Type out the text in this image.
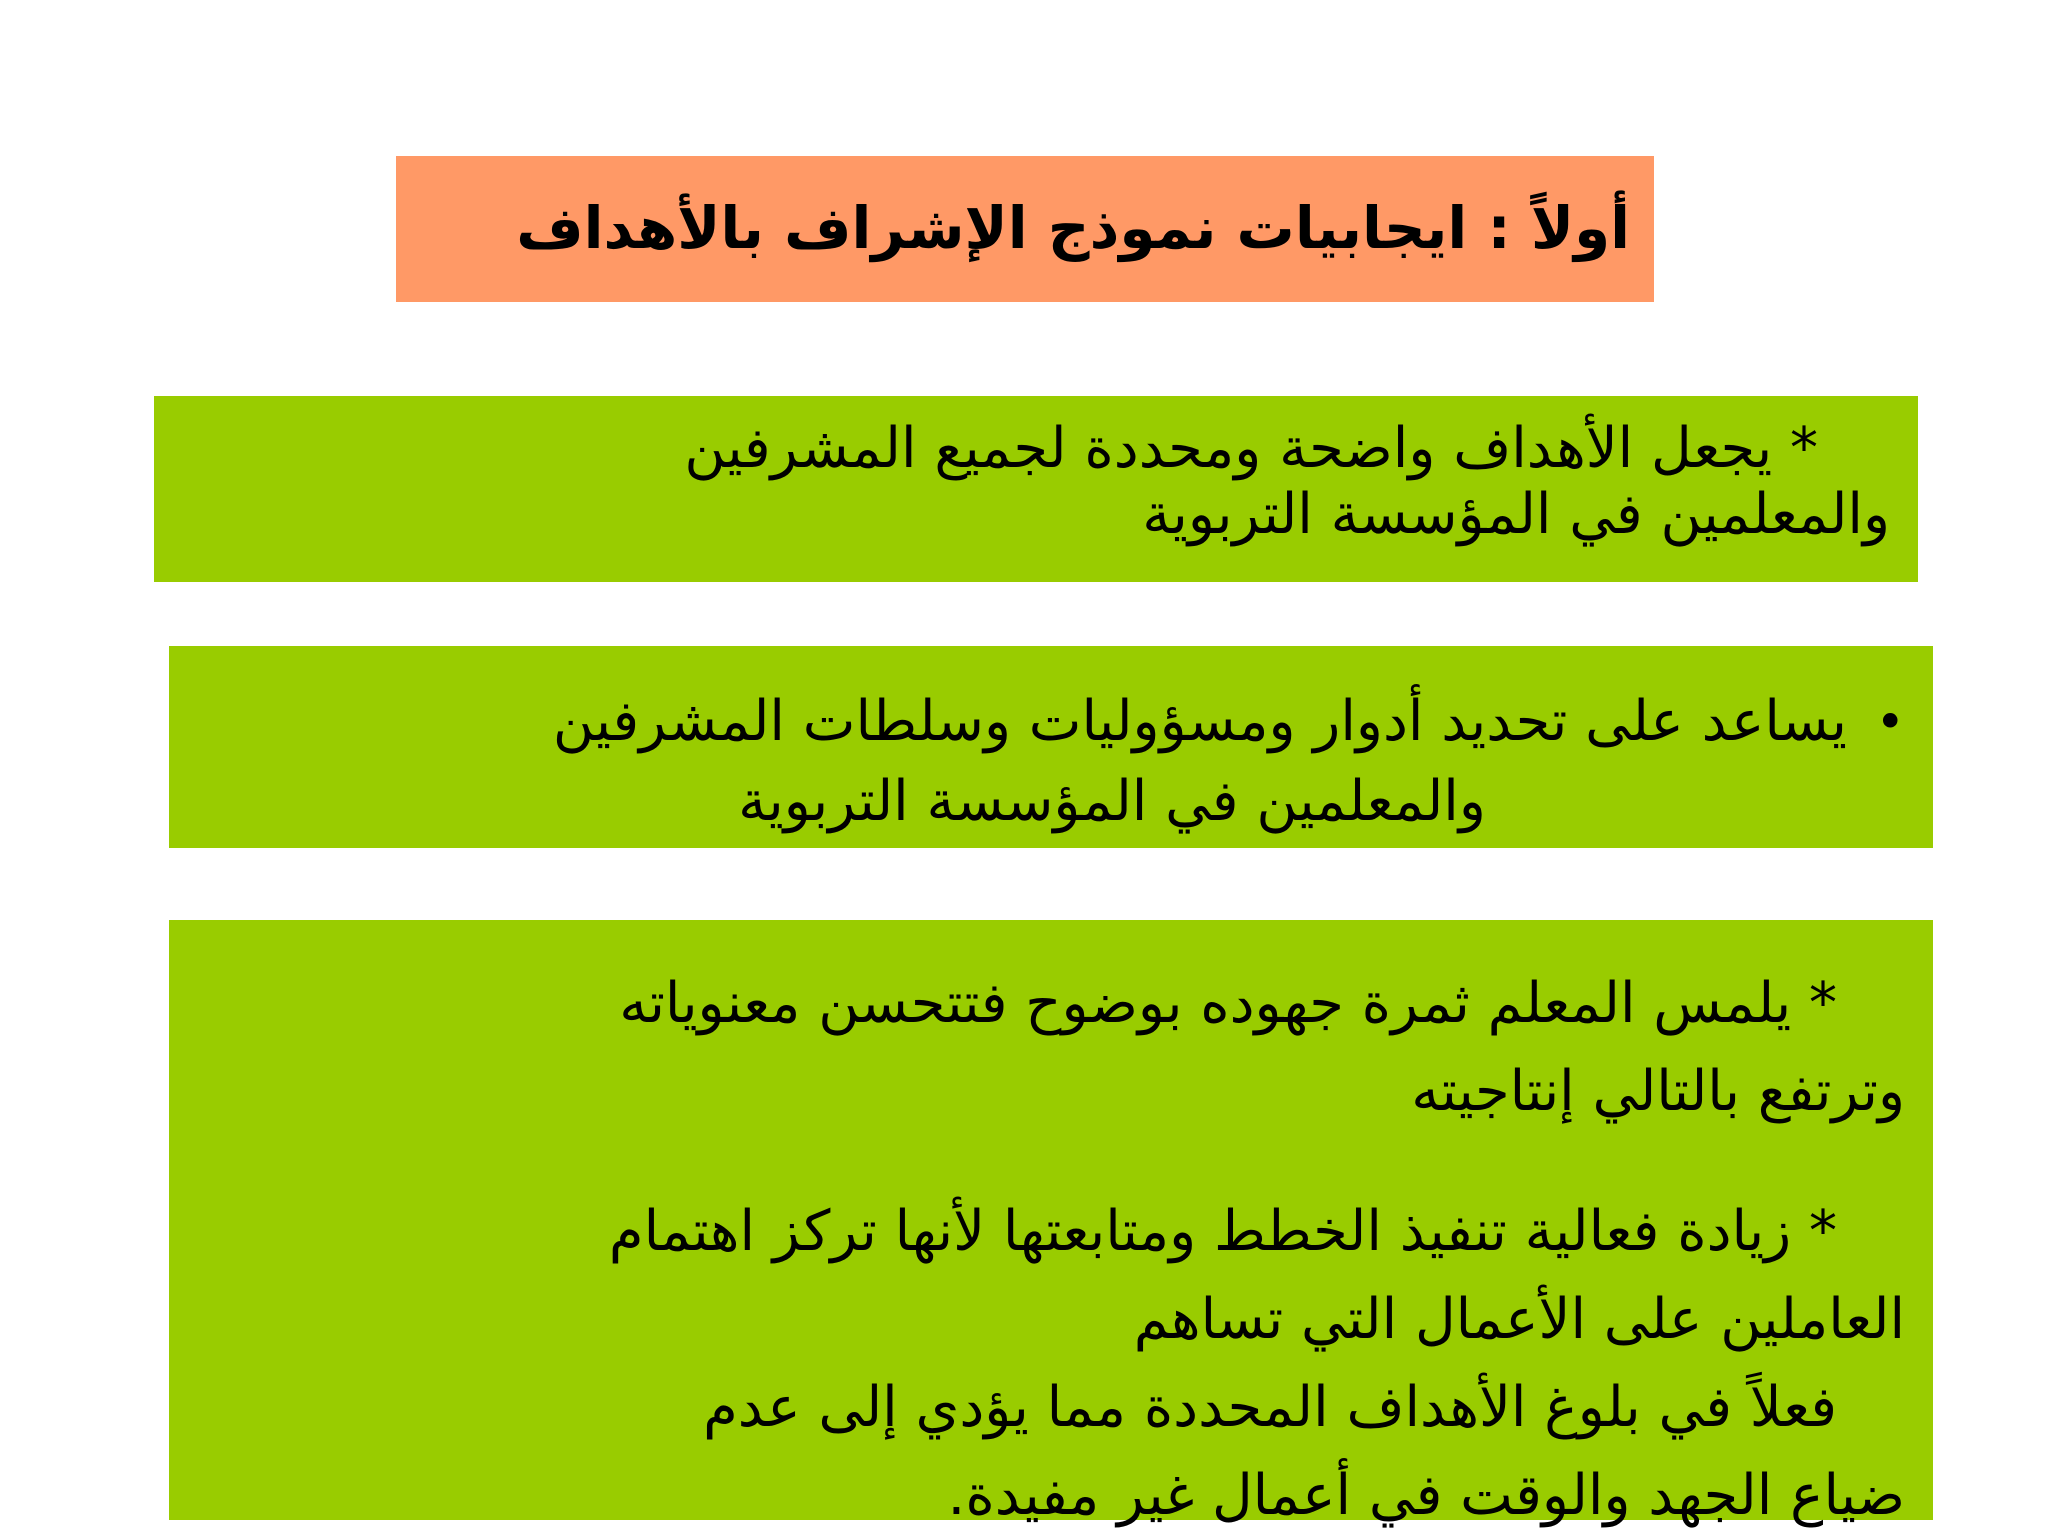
أولاً : ايجابيات نموذج الإشراف بالأهداف
* يجعل الأهداف واضحة ومحددة لجميع المشرفين
والمعلمين في المؤسسة التربوية
•
يساعد على تحديد أدوار ومسؤوليات وسلطات المشرفين
والمعلمين في المؤسسة التربوية
* يلمس المعلم ثمرة جهوده بوضوح فتتحسن معنوياته
وترتفع بالتالي إنتاجيته
* زيادة فعالية تنفيذ الخطط ومتابعتها لأنها تركز اهتمام
العاملين على الأعمال التي تساهم
فعلاً في بلوغ الأهداف المحددة مما يؤدي إلى عدم
ضياع الجهد والوقت في أعمال غير مفيدة.
